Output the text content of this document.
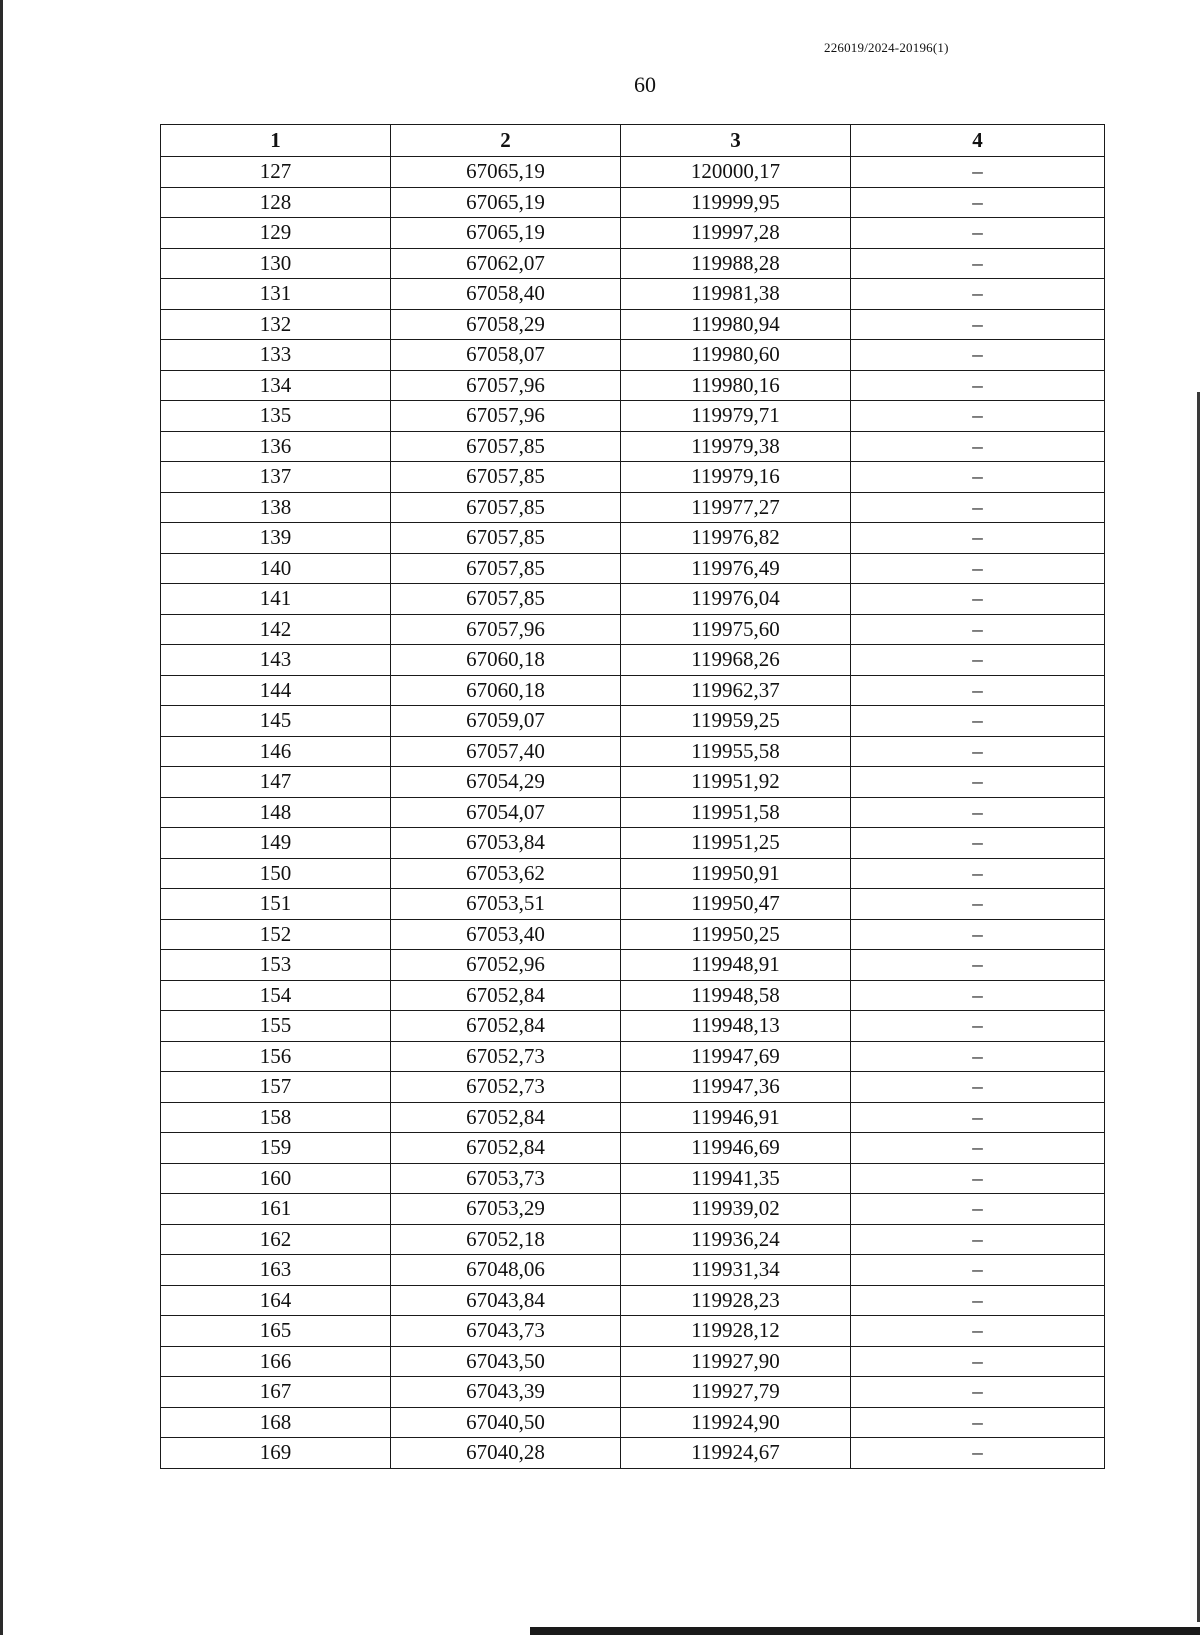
226019/2024-20196(1)
60
1	2	3	4
127	67065,19	120000,17	–
128	67065,19	119999,95	–
129	67065,19	119997,28	–
130	67062,07	119988,28	–
131	67058,40	119981,38	–
132	67058,29	119980,94	–
133	67058,07	119980,60	–
134	67057,96	119980,16	–
135	67057,96	119979,71	–
136	67057,85	119979,38	–
137	67057,85	119979,16	–
138	67057,85	119977,27	–
139	67057,85	119976,82	–
140	67057,85	119976,49	–
141	67057,85	119976,04	–
142	67057,96	119975,60	–
143	67060,18	119968,26	–
144	67060,18	119962,37	–
145	67059,07	119959,25	–
146	67057,40	119955,58	–
147	67054,29	119951,92	–
148	67054,07	119951,58	–
149	67053,84	119951,25	–
150	67053,62	119950,91	–
151	67053,51	119950,47	–
152	67053,40	119950,25	–
153	67052,96	119948,91	–
154	67052,84	119948,58	–
155	67052,84	119948,13	–
156	67052,73	119947,69	–
157	67052,73	119947,36	–
158	67052,84	119946,91	–
159	67052,84	119946,69	–
160	67053,73	119941,35	–
161	67053,29	119939,02	–
162	67052,18	119936,24	–
163	67048,06	119931,34	–
164	67043,84	119928,23	–
165	67043,73	119928,12	–
166	67043,50	119927,90	–
167	67043,39	119927,79	–
168	67040,50	119924,90	–
169	67040,28	119924,67	–
